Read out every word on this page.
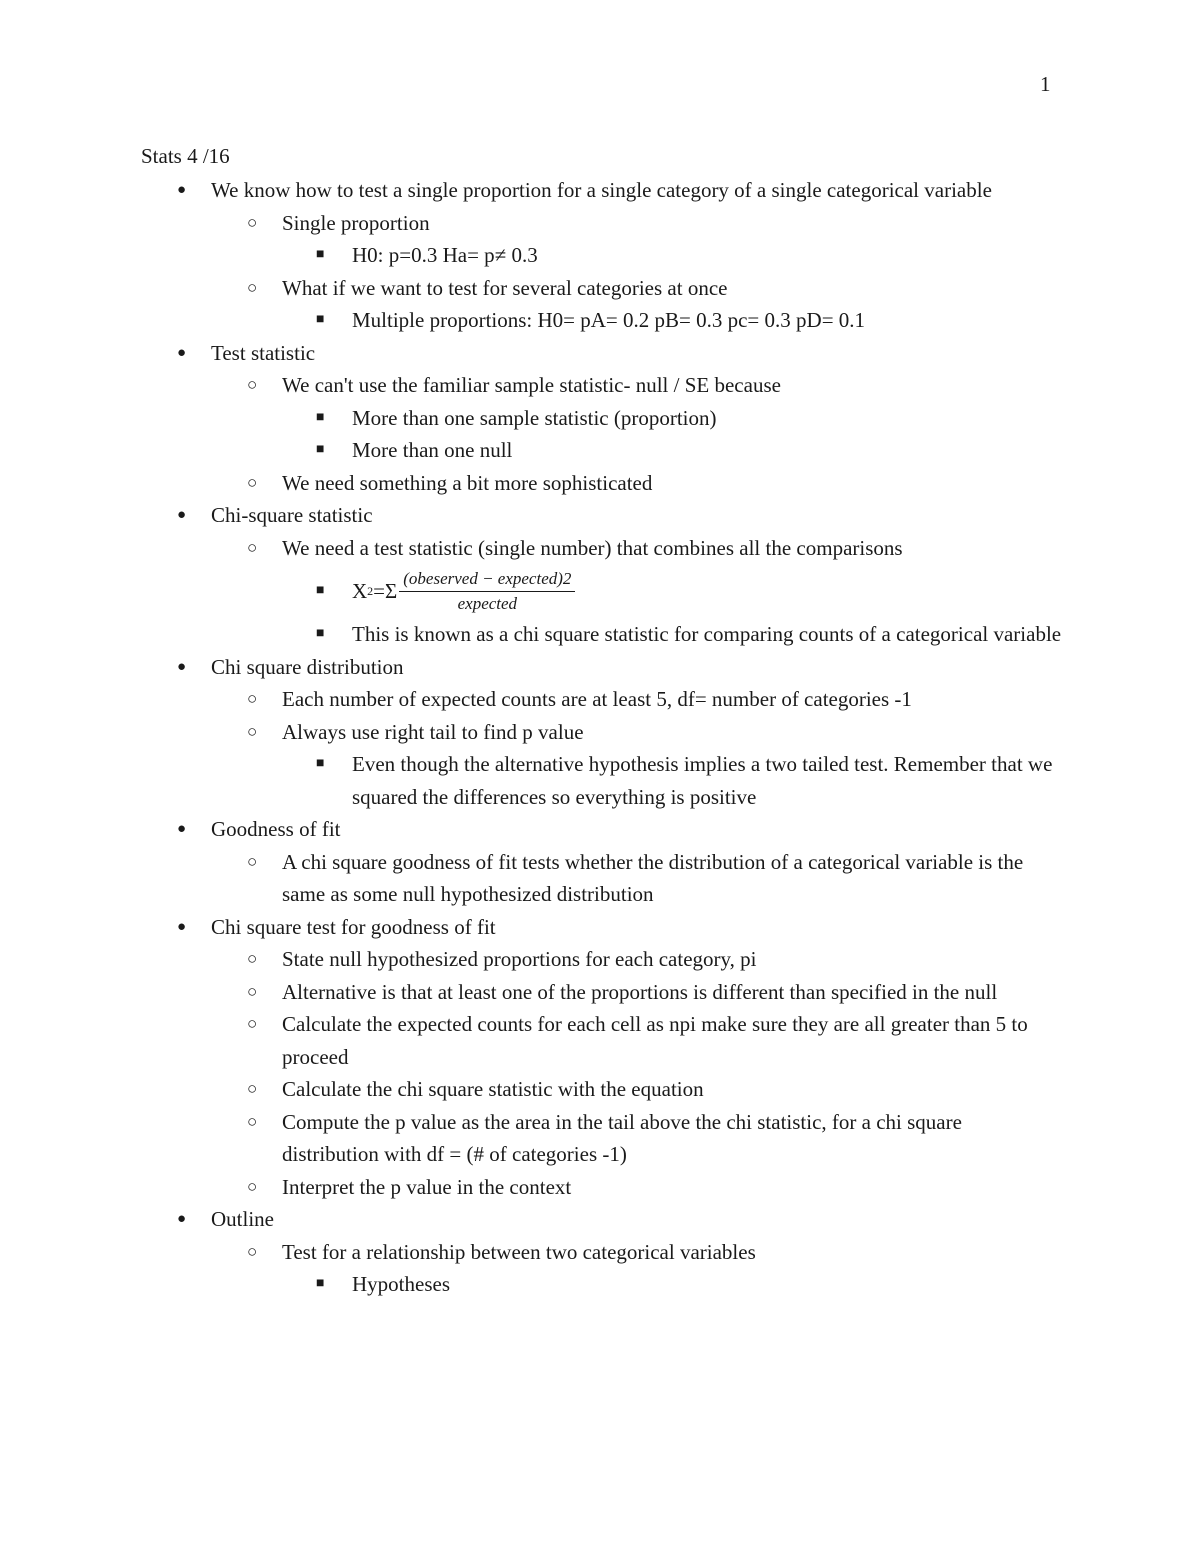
1
Stats 4 /16
● We know how to test a single proportion for a single category of a single categorical variable
○ Single proportion
■ H0: p=0.3 Ha= p≠ 0.3
○ What if we want to test for several categories at once
■ Multiple proportions: H0= pA= 0.2 pB= 0.3 pc= 0.3 pD= 0.1
● Test statistic
○ We can't use the familiar sample statistic- null / SE because
■ More than one sample statistic (proportion)
■ More than one null
○ We need something a bit more sophisticated
● Chi-square statistic
○ We need a test statistic (single number) that combines all the comparisons
■ X $2 =\Sigma \frac{\text{(obeserved − expected)2}}{\text{expected}}$
■ This is known as a chi square statistic for comparing counts of a categorical variable
● Chi square distribution
○ Each number of expected counts are at least 5, df= number of categories -1
○ Always use right tail to find p value
■ Even though the alternative hypothesis implies a two tailed test. Remember that we squared the differences so everything is positive
● Goodness of fit
○ A chi square goodness of fit tests whether the distribution of a categorical variable is the same as some null hypothesized distribution
● Chi square test for goodness of fit
○ State null hypothesized proportions for each category, pi
○ Alternative is that at least one of the proportions is different than specified in the null
○ Calculate the expected counts for each cell as npi make sure they are all greater than 5 to proceed
○ Calculate the chi square statistic with the equation
○ Compute the p value as the area in the tail above the chi statistic, for a chi square distribution with df = (# of categories -1)
○ Interpret the p value in the context
● Outline
○ Test for a relationship between two categorical variables
■ Hypotheses
